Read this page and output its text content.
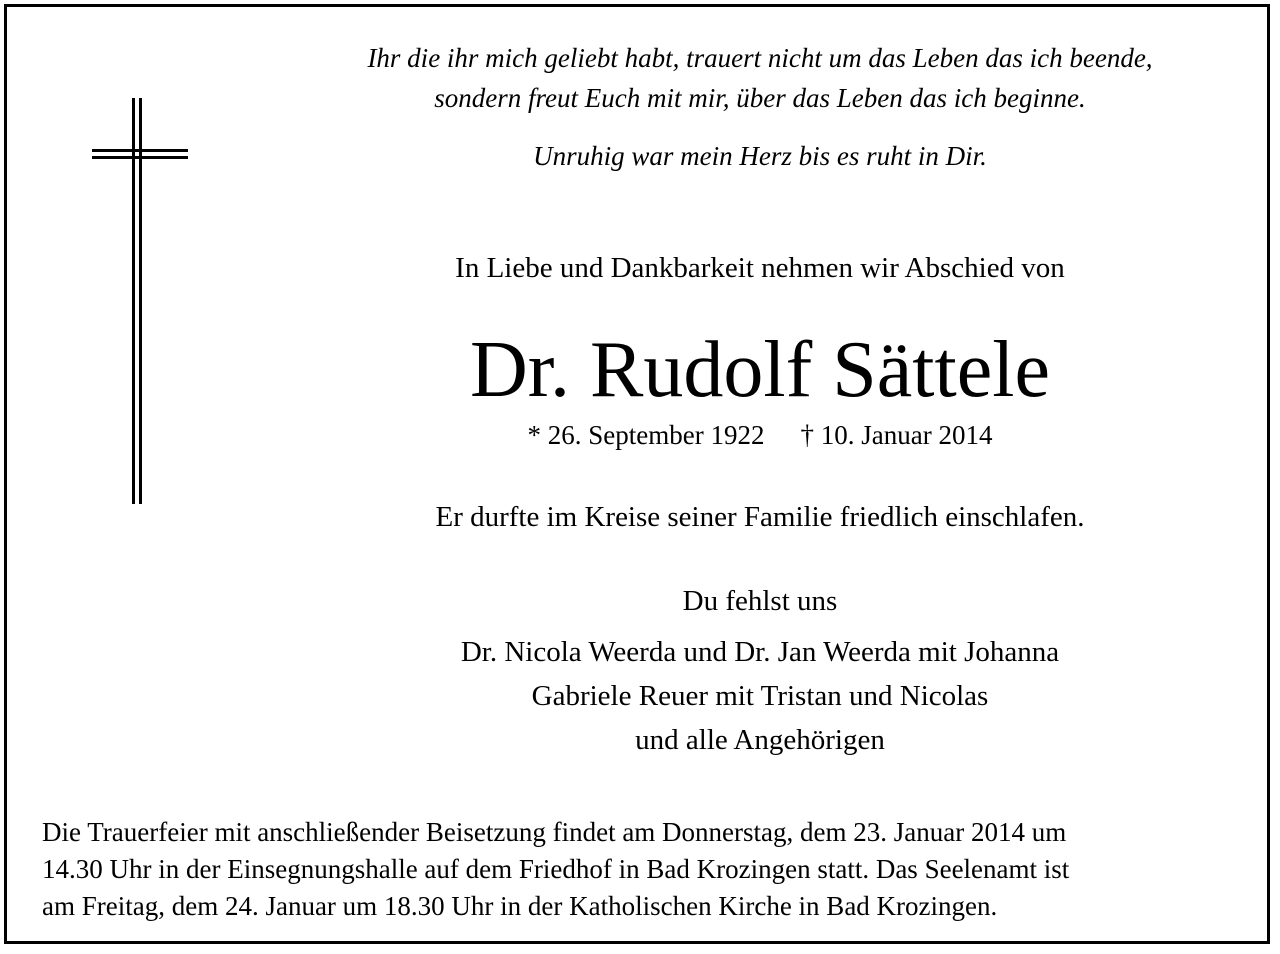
Ihr die ihr mich geliebt habt, trauert nicht um das Leben das ich beende,
sondern freut Euch mit mir, über das Leben das ich beginne.
Unruhig war mein Herz bis es ruht in Dir.
In Liebe und Dankbarkeit nehmen wir Abschied von
Dr. Rudolf Sättele
* 26. September 1922 † 10. Januar 2014
Er durfte im Kreise seiner Familie friedlich einschlafen.
Du fehlst uns
Dr. Nicola Weerda und Dr. Jan Weerda mit Johanna
Gabriele Reuer mit Tristan und Nicolas
und alle Angehörigen
Die Trauerfeier mit anschließender Beisetzung findet am Donnerstag, dem 23. Januar 2014 um
14.30 Uhr in der Einsegnungshalle auf dem Friedhof in Bad Krozingen statt. Das Seelenamt ist
am Freitag, dem 24. Januar um 18.30 Uhr in der Katholischen Kirche in Bad Krozingen.
